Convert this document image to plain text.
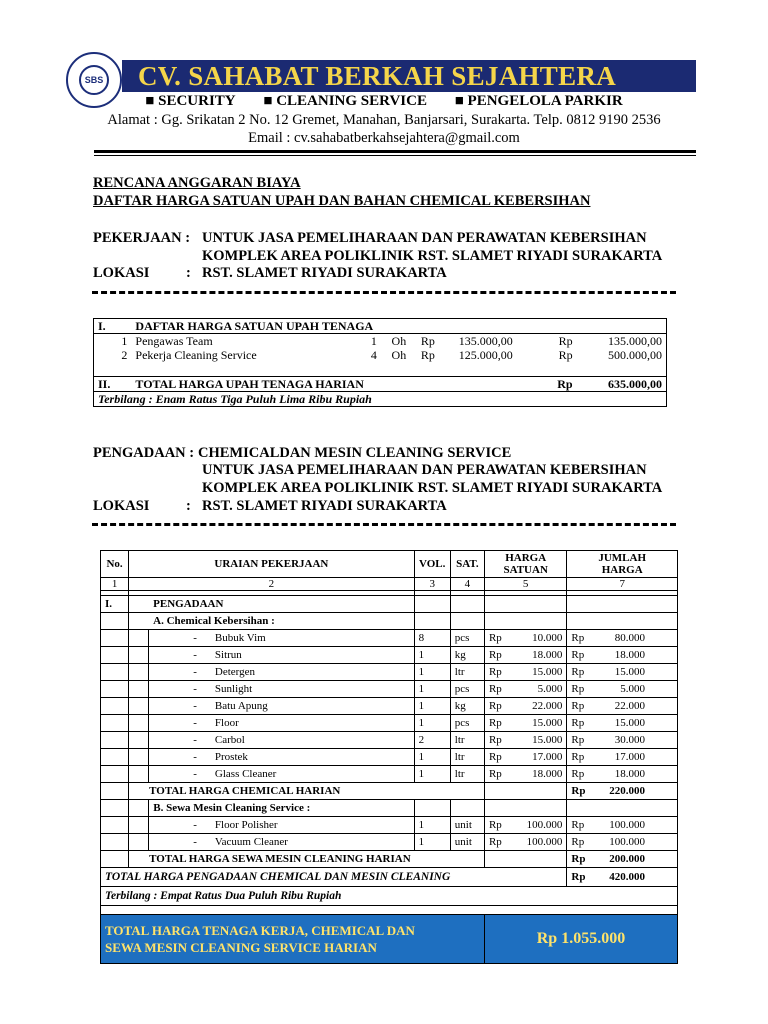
SBS CV. SAHABAT BERKAH SEJAHTERA
■ SECURITY ■ CLEANING SERVICE ■ PENGELOLA PARKIR
Alamat : Gg. Srikatan 2 No. 12 Gremet, Manahan, Banjarsari, Surakarta. Telp. 0812 9190 2536
Email : cv.sahabatberkahsejahtera@gmail.com
RENCANA ANGGARAN BIAYA
DAFTAR HARGA SATUAN UPAH DAN BAHAN CHEMICAL KEBERSIHAN
PEKERJAAN : UNTUK JASA PEMELIHARAAN DAN PERAWATAN KEBERSIHAN
KOMPLEK AREA POLIKLINIK RST. SLAMET RIYADI SURAKARTA
LOKASI	: RST. SLAMET RIYADI SURAKARTA
I.	DAFTAR HARGA SATUAN UPAH TENAGA						
1	Pengawas Team	1	Oh	Rp	135.000,00	Rp	135.000,00
2	Pekerja Cleaning Service	4	Oh	Rp	125.000,00	Rp	500.000,00

II.	TOTAL HARGA UPAH TENAGA HARIAN					Rp	635.000,00
Terbilang : Enam Ratus Tiga Puluh Lima Ribu Rupiah							
PENGADAAN : CHEMICALDAN MESIN CLEANING SERVICE
UNTUK JASA PEMELIHARAAN DAN PERAWATAN KEBERSIHAN
KOMPLEK AREA POLIKLINIK RST. SLAMET RIYADI SURAKARTA
LOKASI	: RST. SLAMET RIYADI SURAKARTA
No.	URAIAN PEKERJAAN		VOL.	SAT.	HARGA SATUAN	JUMLAH HARGA
1	2		3	4	5	7

I.	PENGADAAN					
	A. Chemical Kebersihan :					
		- Bubuk Vim	8	pcs	Rp 10.000	Rp 80.000

		- Sitrun	1	kg	Rp 18.000	Rp 18.000

		- Detergen	1	ltr	Rp 15.000	Rp 15.000

		- Sunlight	1	pcs	Rp 5.000	Rp 5.000

		- Batu Apung	1	kg	Rp 22.000	Rp 22.000

		- Floor	1	pcs	Rp 15.000	Rp 15.000

		- Carbol	2	ltr	Rp 15.000	Rp 30.000

		- Prostek	1	ltr	Rp 17.000	Rp 17.000

		- Glass Cleaner	1	ltr	Rp 18.000	Rp 18.000

	TOTAL HARGA CHEMICAL HARIAN					Rp 220.000

		B. Sewa Mesin Cleaning Service :				
		- Floor Polisher	1	unit	Rp 100.000	Rp 100.000

		- Vacuum Cleaner	1	unit	Rp 100.000	Rp 100.000

	TOTAL HARGA SEWA MESIN CLEANING HARIAN					Rp 200.000

TOTAL HARGA PENGADAAN CHEMICAL DAN MESIN CLEANING						Rp 420.000

Terbilang : Empat Ratus Dua Puluh Ribu Rupiah						

TOTAL HARGA TENAGA KERJA, CHEMICAL DAN
SEWA MESIN CLEANING SERVICE HARIAN					Rp 1.055.000	
